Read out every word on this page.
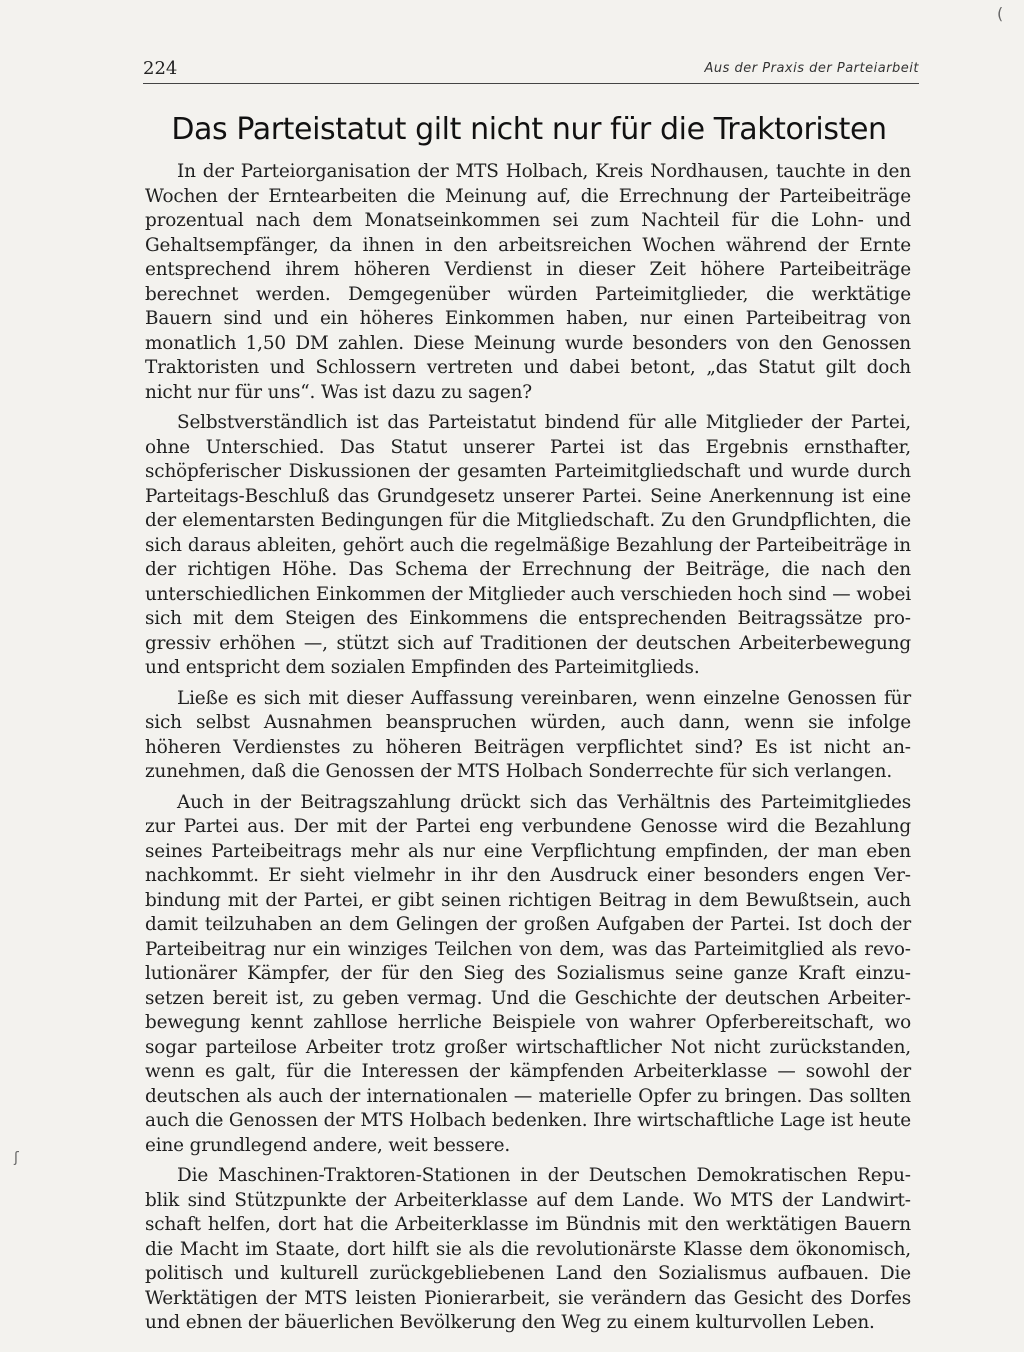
224	Aus der Praxis der Parteiarbeit
Das Parteistatut gilt nicht nur für die Traktoristen

In der Parteiorganisation der MTS Holbach, Kreis Nordhausen, tauchte in den Wochen der Erntearbeiten die Meinung auf, die Errechnung der Parteibeiträge prozentual nach dem Monatseinkommen sei zum Nachteil für die Lohn- und Gehaltsempfänger, da ihnen in den arbeitsreichen Wochen während der Ernte entsprechend ihrem höheren Verdienst in dieser Zeit höhere Parteibeiträge berechnet werden. Demgegenüber würden Parteimitglieder, die werktätige Bauern sind und ein höheres Einkommen haben, nur einen Parteibeitrag von monatlich 1,50 DM zahlen. Diese Meinung wurde besonders von den Genossen Traktoristen und Schlossern vertreten und dabei betont, „das Statut gilt doch nicht nur für uns“. Was ist dazu zu sagen?

Selbstverständlich ist das Parteistatut bindend für alle Mitglieder der Partei, ohne Unterschied. Das Statut unserer Partei ist das Ergebnis ernsthafter, schöpferischer Diskussionen der gesamten Parteimitgliedschaft und wurde durch Parteitags-Beschluß das Grundgesetz unserer Partei. Seine Anerkennung ist eine der elementarsten Bedingungen für die Mitgliedschaft. Zu den Grundpflichten, die sich daraus ableiten, gehört auch die regelmäßige Bezahlung der Parteibeiträge in der richtigen Höhe. Das Schema der Errechnung der Beiträge, die nach den unterschiedlichen Einkommen der Mitglieder auch verschieden hoch sind — wobei sich mit dem Steigen des Einkommens die entsprechenden Beitragssätze progressiv erhöhen —, stützt sich auf Traditionen der deutschen Arbeiterbewegung und entspricht dem sozialen Empfinden des Parteimitglieds.

Ließe es sich mit dieser Auffassung vereinbaren, wenn einzelne Genossen für sich selbst Ausnahmen beanspruchen würden, auch dann, wenn sie infolge höheren Verdienstes zu höheren Beiträgen verpflichtet sind? Es ist nicht anzunehmen, daß die Genossen der MTS Holbach Sonderrechte für sich verlangen.

Auch in der Beitragszahlung drückt sich das Verhältnis des Parteimitgliedes zur Partei aus. Der mit der Partei eng verbundene Genosse wird die Bezahlung seines Parteibeitrags mehr als nur eine Verpflichtung empfinden, der man eben nachkommt. Er sieht vielmehr in ihr den Ausdruck einer besonders engen Verbindung mit der Partei, er gibt seinen richtigen Beitrag in dem Bewußtsein, auch damit teilzuhaben an dem Gelingen der großen Aufgaben der Partei. Ist doch der Parteibeitrag nur ein winziges Teilchen von dem, was das Parteimitglied als revolutionärer Kämpfer, der für den Sieg des Sozialismus seine ganze Kraft einzusetzen bereit ist, zu geben vermag. Und die Geschichte der deutschen Arbeiterbewegung kennt zahllose herrliche Beispiele von wahrer Opferbereitschaft, wo sogar parteilose Arbeiter trotz großer wirtschaftlicher Not nicht zurückstanden, wenn es galt, für die Interessen der kämpfenden Arbeiterklasse — sowohl der deutschen als auch der internationalen — materielle Opfer zu bringen. Das sollten auch die Genossen der MTS Holbach bedenken. Ihre wirtschaftliche Lage ist heute eine grundlegend andere, weit bessere.

Die Maschinen-Traktoren-Stationen in der Deutschen Demokratischen Republik sind Stützpunkte der Arbeiterklasse auf dem Lande. Wo MTS der Landwirtschaft helfen, dort hat die Arbeiterklasse im Bündnis mit den werktätigen Bauern die Macht im Staate, dort hilft sie als die revolutionärste Klasse dem ökonomisch, politisch und kulturell zurückgebliebenen Land den Sozialismus aufbauen. Die Werktätigen der MTS leisten Pionierarbeit, sie verändern das Gesicht des Dorfes und ebnen der bäuerlichen Bevölkerung den Weg zu einem kulturvollen Leben.

(
ʃ
